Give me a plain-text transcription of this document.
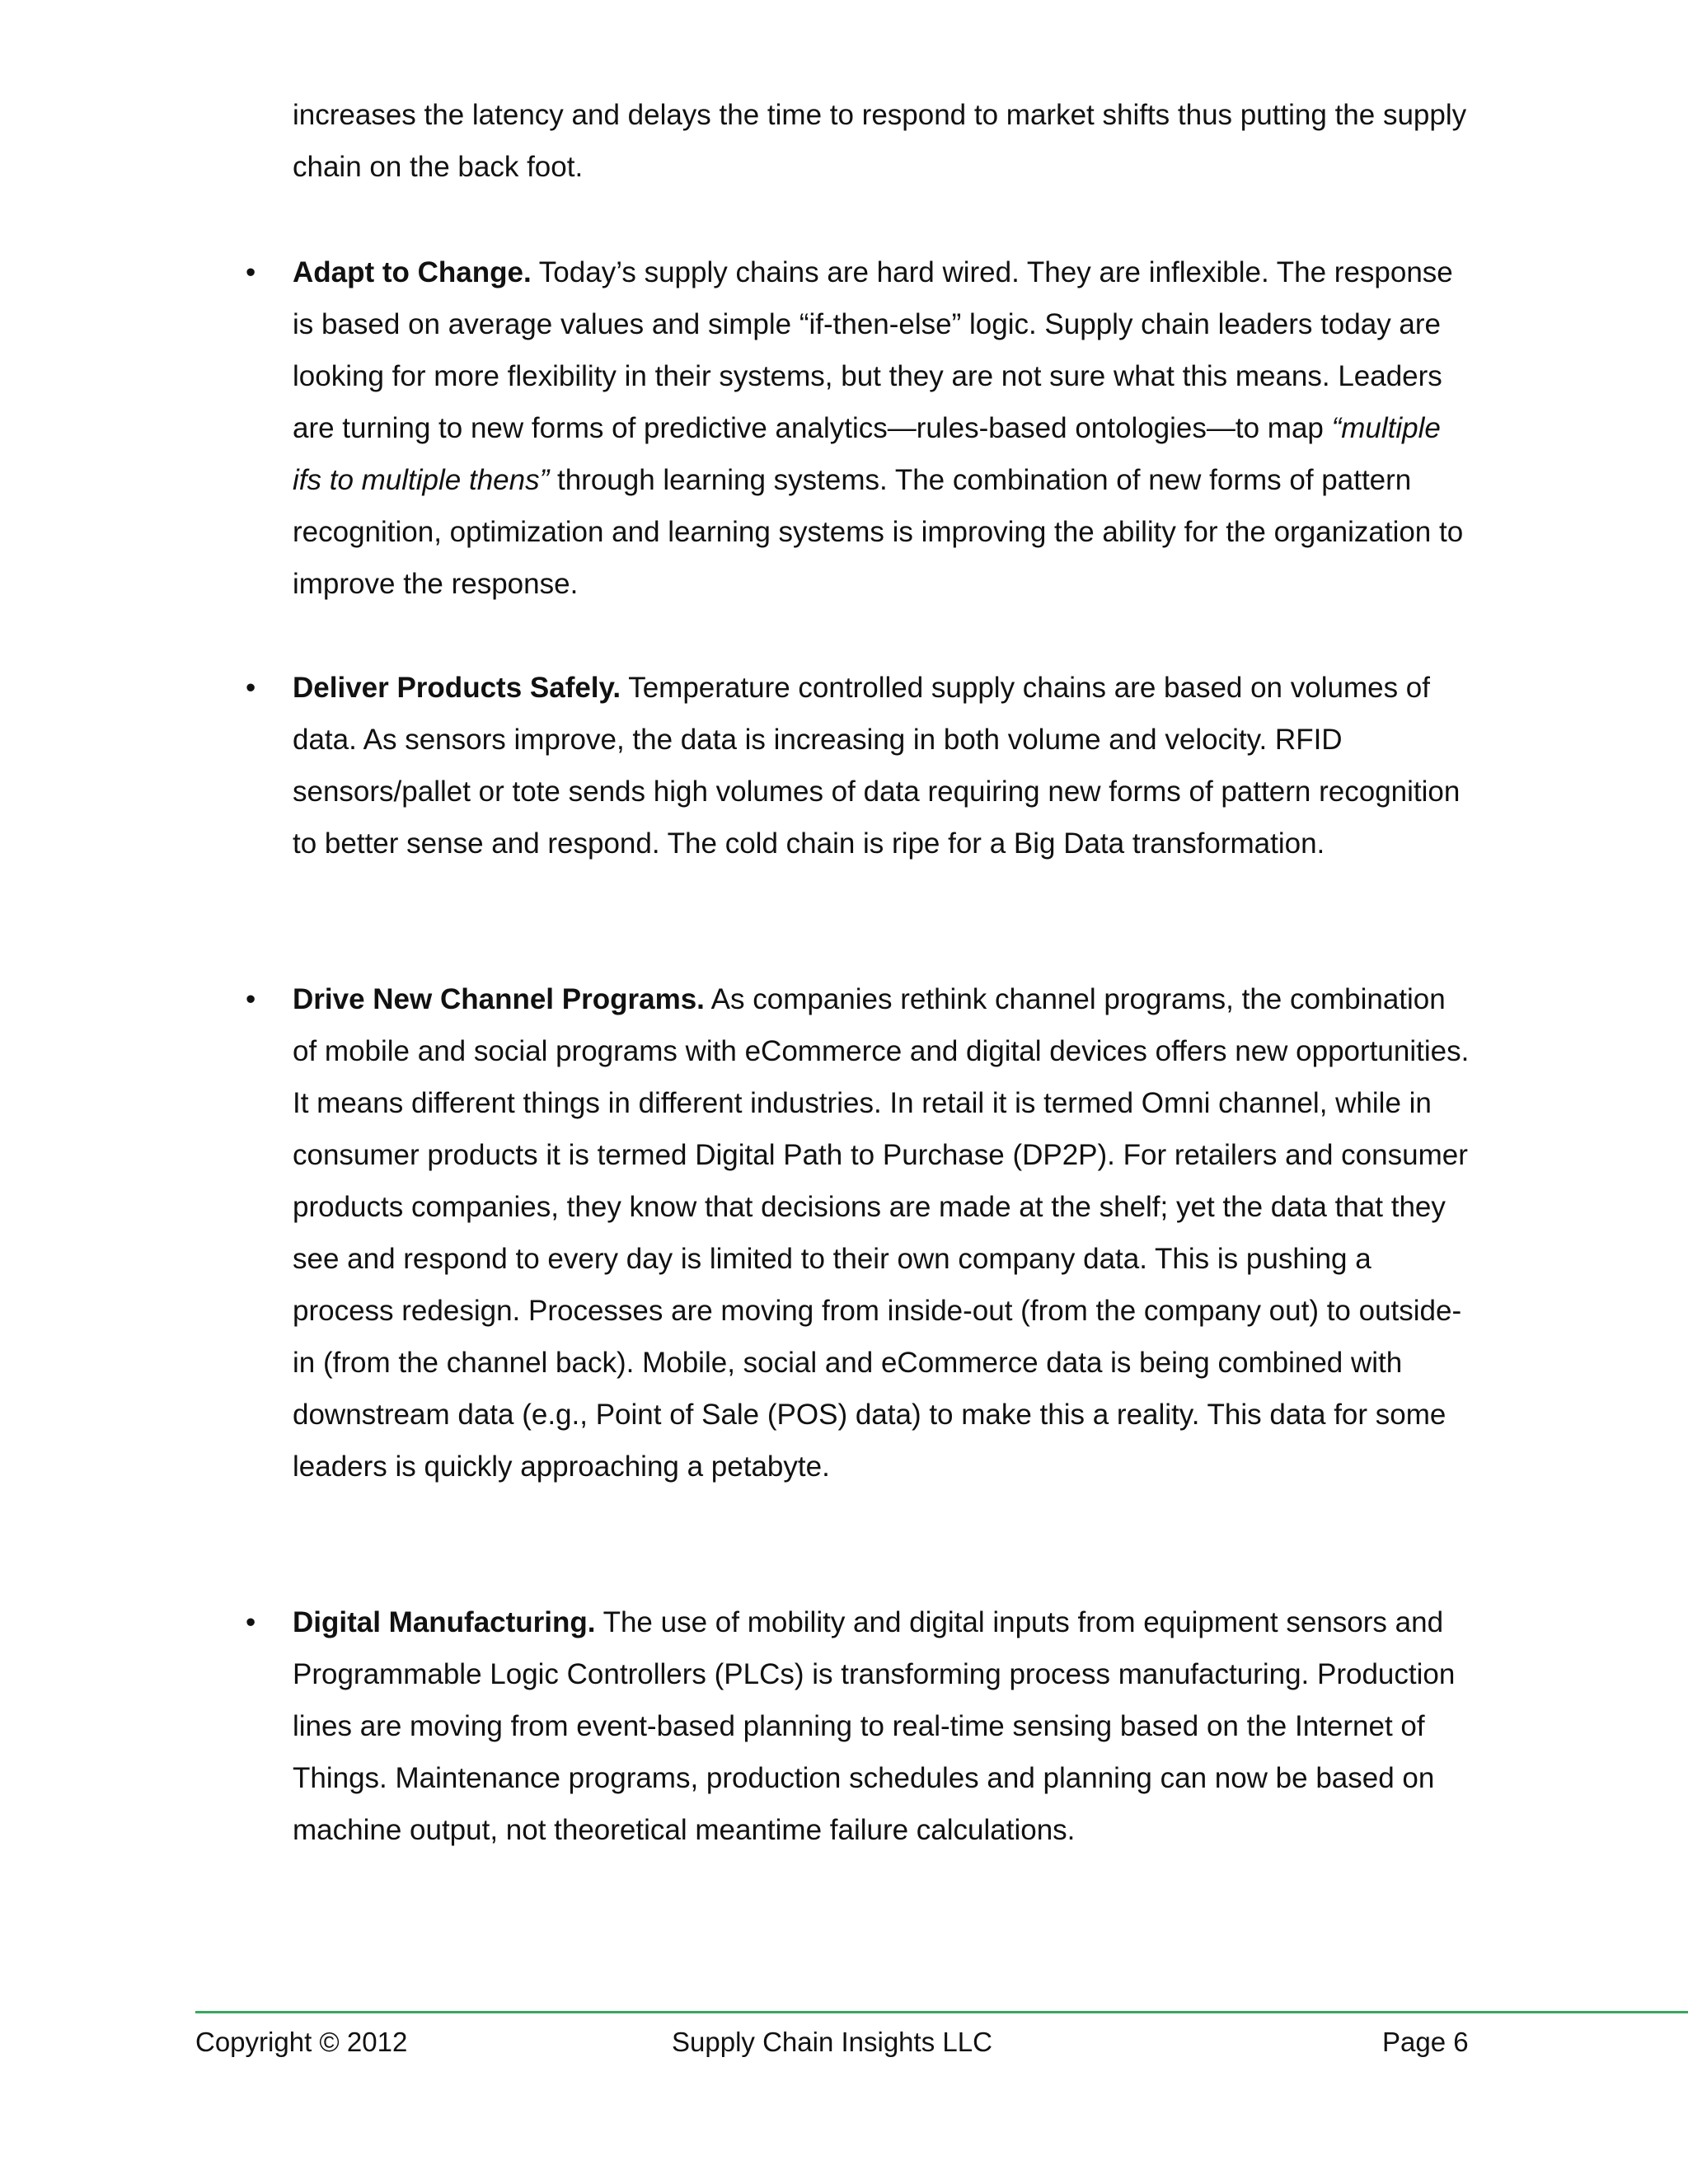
increases the latency and delays the time to respond to market shifts thus putting the supply chain on the back foot.

• Adapt to Change. Today’s supply chains are hard wired. They are inflexible. The response is based on average values and simple “if-then-else” logic. Supply chain leaders today are looking for more flexibility in their systems, but they are not sure what this means. Leaders are turning to new forms of predictive analytics—rules-based ontologies—to map “multiple ifs to multiple thens” through learning systems. The combination of new forms of pattern recognition, optimization and learning systems is improving the ability for the organization to improve the response.

• Deliver Products Safely. Temperature controlled supply chains are based on volumes of data. As sensors improve, the data is increasing in both volume and velocity. RFID sensors/pallet or tote sends high volumes of data requiring new forms of pattern recognition to better sense and respond. The cold chain is ripe for a Big Data transformation.

• Drive New Channel Programs. As companies rethink channel programs, the combination of mobile and social programs with eCommerce and digital devices offers new opportunities. It means different things in different industries. In retail it is termed Omni channel, while in consumer products it is termed Digital Path to Purchase (DP2P). For retailers and consumer products companies, they know that decisions are made at the shelf; yet the data that they see and respond to every day is limited to their own company data. This is pushing a process redesign. Processes are moving from inside-out (from the company out) to outside-in (from the channel back). Mobile, social and eCommerce data is being combined with downstream data (e.g., Point of Sale (POS) data) to make this a reality. This data for some leaders is quickly approaching a petabyte.

• Digital Manufacturing. The use of mobility and digital inputs from equipment sensors and Programmable Logic Controllers (PLCs) is transforming process manufacturing. Production lines are moving from event-based planning to real-time sensing based on the Internet of Things. Maintenance programs, production schedules and planning can now be based on machine output, not theoretical meantime failure calculations.

Copyright © 2012	Supply Chain Insights LLC	Page 6
